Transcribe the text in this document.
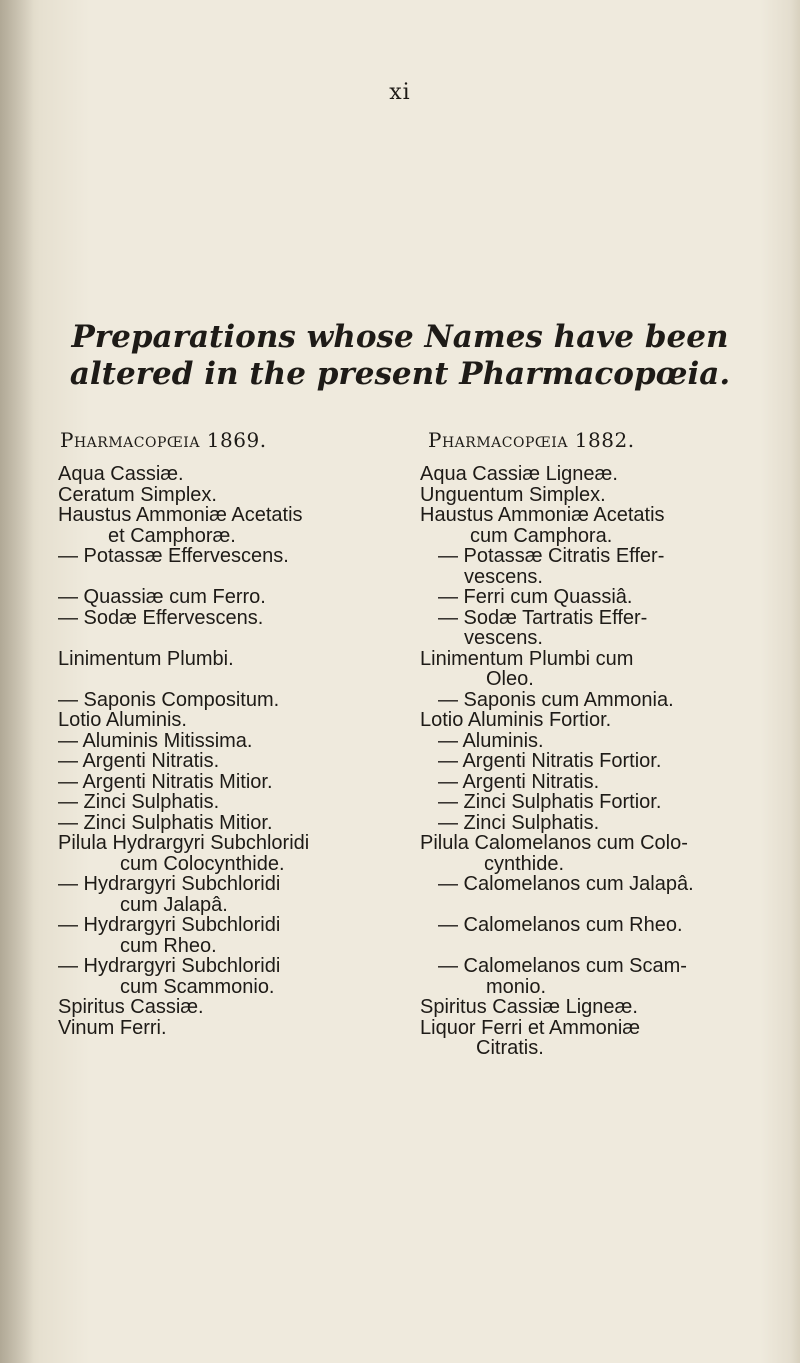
xi
Preparations whose Names have been
altered in the present Pharmacopœia.
Pharmacopœia 1869.
Aqua Cassiæ.
Ceratum Simplex.
Haustus Ammoniæ Acetatis
et Camphoræ.
— Potassæ Effervescens.
— Quassiæ cum Ferro.
— Sodæ Effervescens.
Linimentum Plumbi.
— Saponis Compositum.
Lotio Aluminis.
— Aluminis Mitissima.
— Argenti Nitratis.
— Argenti Nitratis Mitior.
— Zinci Sulphatis.
— Zinci Sulphatis Mitior.
Pilula Hydrargyri Subchloridi
cum Colocynthide.
— Hydrargyri Subchloridi
cum Jalapâ.
— Hydrargyri Subchloridi
cum Rheo.
— Hydrargyri Subchloridi
cum Scammonio.
Spiritus Cassiæ.
Vinum Ferri.
Pharmacopœia 1882.
Aqua Cassiæ Ligneæ.
Unguentum Simplex.
Haustus Ammoniæ Acetatis
cum Camphora.
— Potassæ Citratis Effer-
vescens.
— Ferri cum Quassiâ.
— Sodæ Tartratis Effer-
vescens.
Linimentum Plumbi cum
Oleo.
— Saponis cum Ammonia.
Lotio Aluminis Fortior.
— Aluminis.
— Argenti Nitratis Fortior.
— Argenti Nitratis.
— Zinci Sulphatis Fortior.
— Zinci Sulphatis.
Pilula Calomelanos cum Colo-
cynthide.
— Calomelanos cum Jalapâ.
— Calomelanos cum Rheo.
— Calomelanos cum Scam-
monio.
Spiritus Cassiæ Ligneæ.
Liquor Ferri et Ammoniæ
Citratis.
